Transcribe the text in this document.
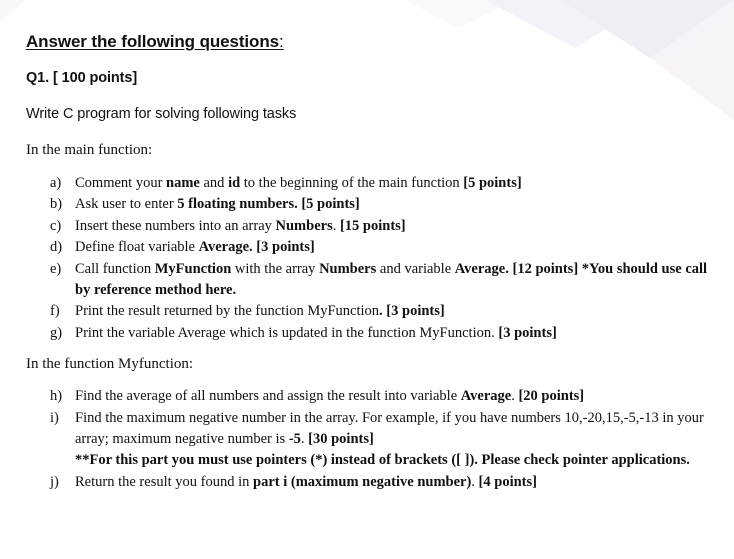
Answer the following questions:
Q1. [ 100 points]

Write C program for solving following tasks

In the main function:

a) Comment your name and id to the beginning of the main function [5 points]
b) Ask user to enter 5 floating numbers. [5 points]
c) Insert these numbers into an array Numbers. [15 points]
d) Define float variable Average. [3 points]
e) Call function MyFunction with the array Numbers and variable Average. [12 points] *You should use call by reference method here.
f) Print the result returned by the function MyFunction. [3 points]
g) Print the variable Average which is updated in the function MyFunction. [3 points]

In the function Myfunction:

h) Find the average of all numbers and assign the result into variable Average. [20 points]
i) Find the maximum negative number in the array. For example, if you have numbers 10,-20,15,-5,-13 in your array; maximum negative number is -5. [30 points]
**For this part you must use pointers (*) instead of brackets ([ ]). Please check pointer applications.
j) Return the result you found in part i (maximum negative number). [4 points]
